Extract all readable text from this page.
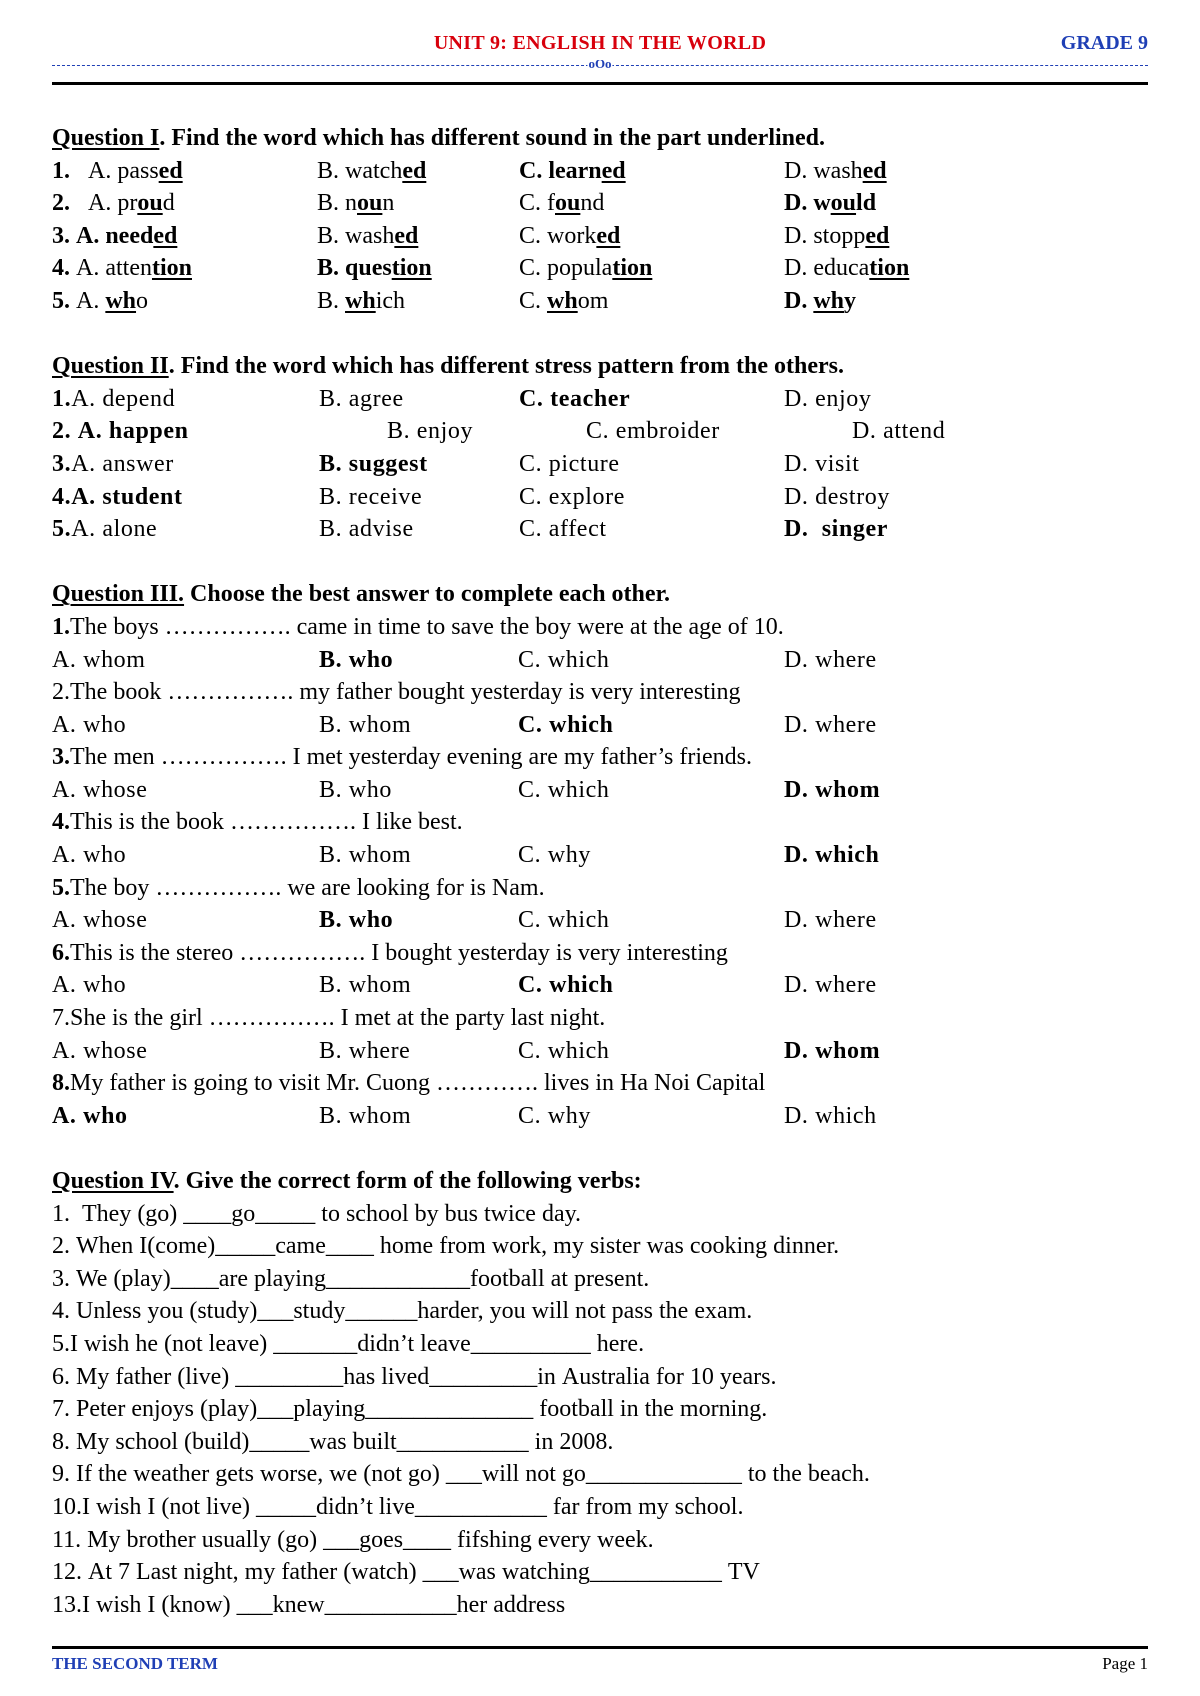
UNIT 9: ENGLISH IN THE WORLD	GRADE 9
oOo
Question I. Find the word which has different sound in the part underlined.
1.   A. passed	B. watched	C. learned	D. washed
2.   A. proud	B. noun	C. found	D. would
3. A. needed	B. washed	C. worked	D. stopped
4. A. attention	B. question	C. population	D. education
5. A. who	B. which	C. whom	D. why
Question II. Find the word which has different stress pattern from the others.
1.A. depend	B. agree	C. teacher	D. enjoy
2. A. happen	B. enjoy	C. embroider	D. attend
3.A. answer	B. suggest	C. picture	D. visit
4.A. student	B. receive	C. explore	D. destroy
5.A. alone	B. advise	C. affect	D.  singer
Question III. Choose the best answer to complete each other.
1.The boys ……………. came in time to save the boy were at the age of 10.
A. whom	B. who	C. which	D. where
2.The book ……………. my father bought yesterday is very interesting
A. who	B. whom	C. which	D. where
3.The men ……………. I met yesterday evening are my father’s friends.
A. whose	B. who	C. which	D. whom
4.This is the book ……………. I like best.
A. who	B. whom	C. why	D. which
5.The boy ……………. we are looking for is Nam.
A. whose	B. who	C. which	D. where
6.This is the stereo ……………. I bought yesterday is very interesting
A. who	B. whom	C. which	D. where
7.She is the girl ……………. I met at the party last night.
A. whose	B. where	C. which	D. whom
8.My father is going to visit Mr. Cuong …………. lives in Ha Noi Capital
A. who	B. whom	C. why	D. which
Question IV. Give the correct form of the following verbs:
1.  They (go) ____go_____ to school by bus twice day.
2. When I(come)_____came____ home from work, my sister was cooking dinner.
3. We (play)____are playing____________football at present.
4. Unless you (study)___study______harder, you will not pass the exam.
5.I wish he (not leave) _______didn’t leave__________ here.
6. My father (live) _________has lived_________in Australia for 10 years.
7. Peter enjoys (play)___playing______________ football in the morning.
8. My school (build)_____was built___________ in 2008.
9. If the weather gets worse, we (not go) ___will not go_____________ to the beach.
10.I wish I (not live) _____didn’t live___________ far from my school.
11. My brother usually (go) ___goes____ fifshing every week.
12. At 7 Last night, my father (watch) ___was watching___________ TV
13.I wish I (know) ___knew___________her address
THE SECOND TERM	Page 1
